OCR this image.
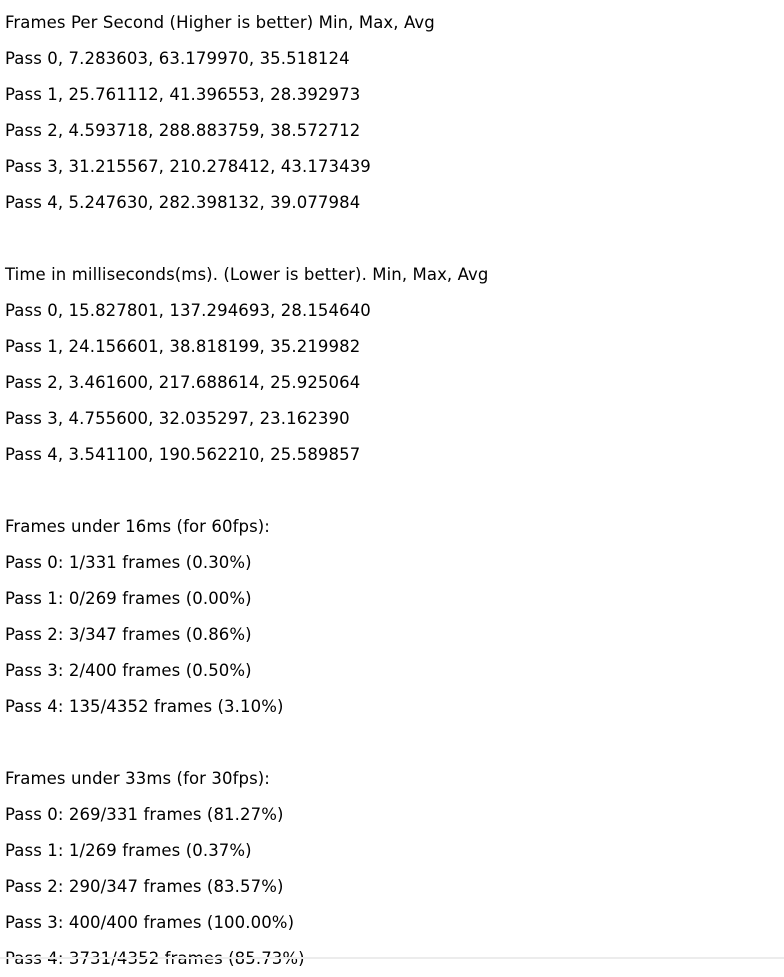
Frames Per Second (Higher is better) Min, Max, Avg
Pass 0, 7.283603, 63.179970, 35.518124
Pass 1, 25.761112, 41.396553, 28.392973
Pass 2, 4.593718, 288.883759, 38.572712
Pass 3, 31.215567, 210.278412, 43.173439
Pass 4, 5.247630, 282.398132, 39.077984
Time in milliseconds(ms). (Lower is better). Min, Max, Avg
Pass 0, 15.827801, 137.294693, 28.154640
Pass 1, 24.156601, 38.818199, 35.219982
Pass 2, 3.461600, 217.688614, 25.925064
Pass 3, 4.755600, 32.035297, 23.162390
Pass 4, 3.541100, 190.562210, 25.589857
Frames under 16ms (for 60fps):
Pass 0: 1/331 frames (0.30%)
Pass 1: 0/269 frames (0.00%)
Pass 2: 3/347 frames (0.86%)
Pass 3: 2/400 frames (0.50%)
Pass 4: 135/4352 frames (3.10%)
Frames under 33ms (for 30fps):
Pass 0: 269/331 frames (81.27%)
Pass 1: 1/269 frames (0.37%)
Pass 2: 290/347 frames (83.57%)
Pass 3: 400/400 frames (100.00%)
